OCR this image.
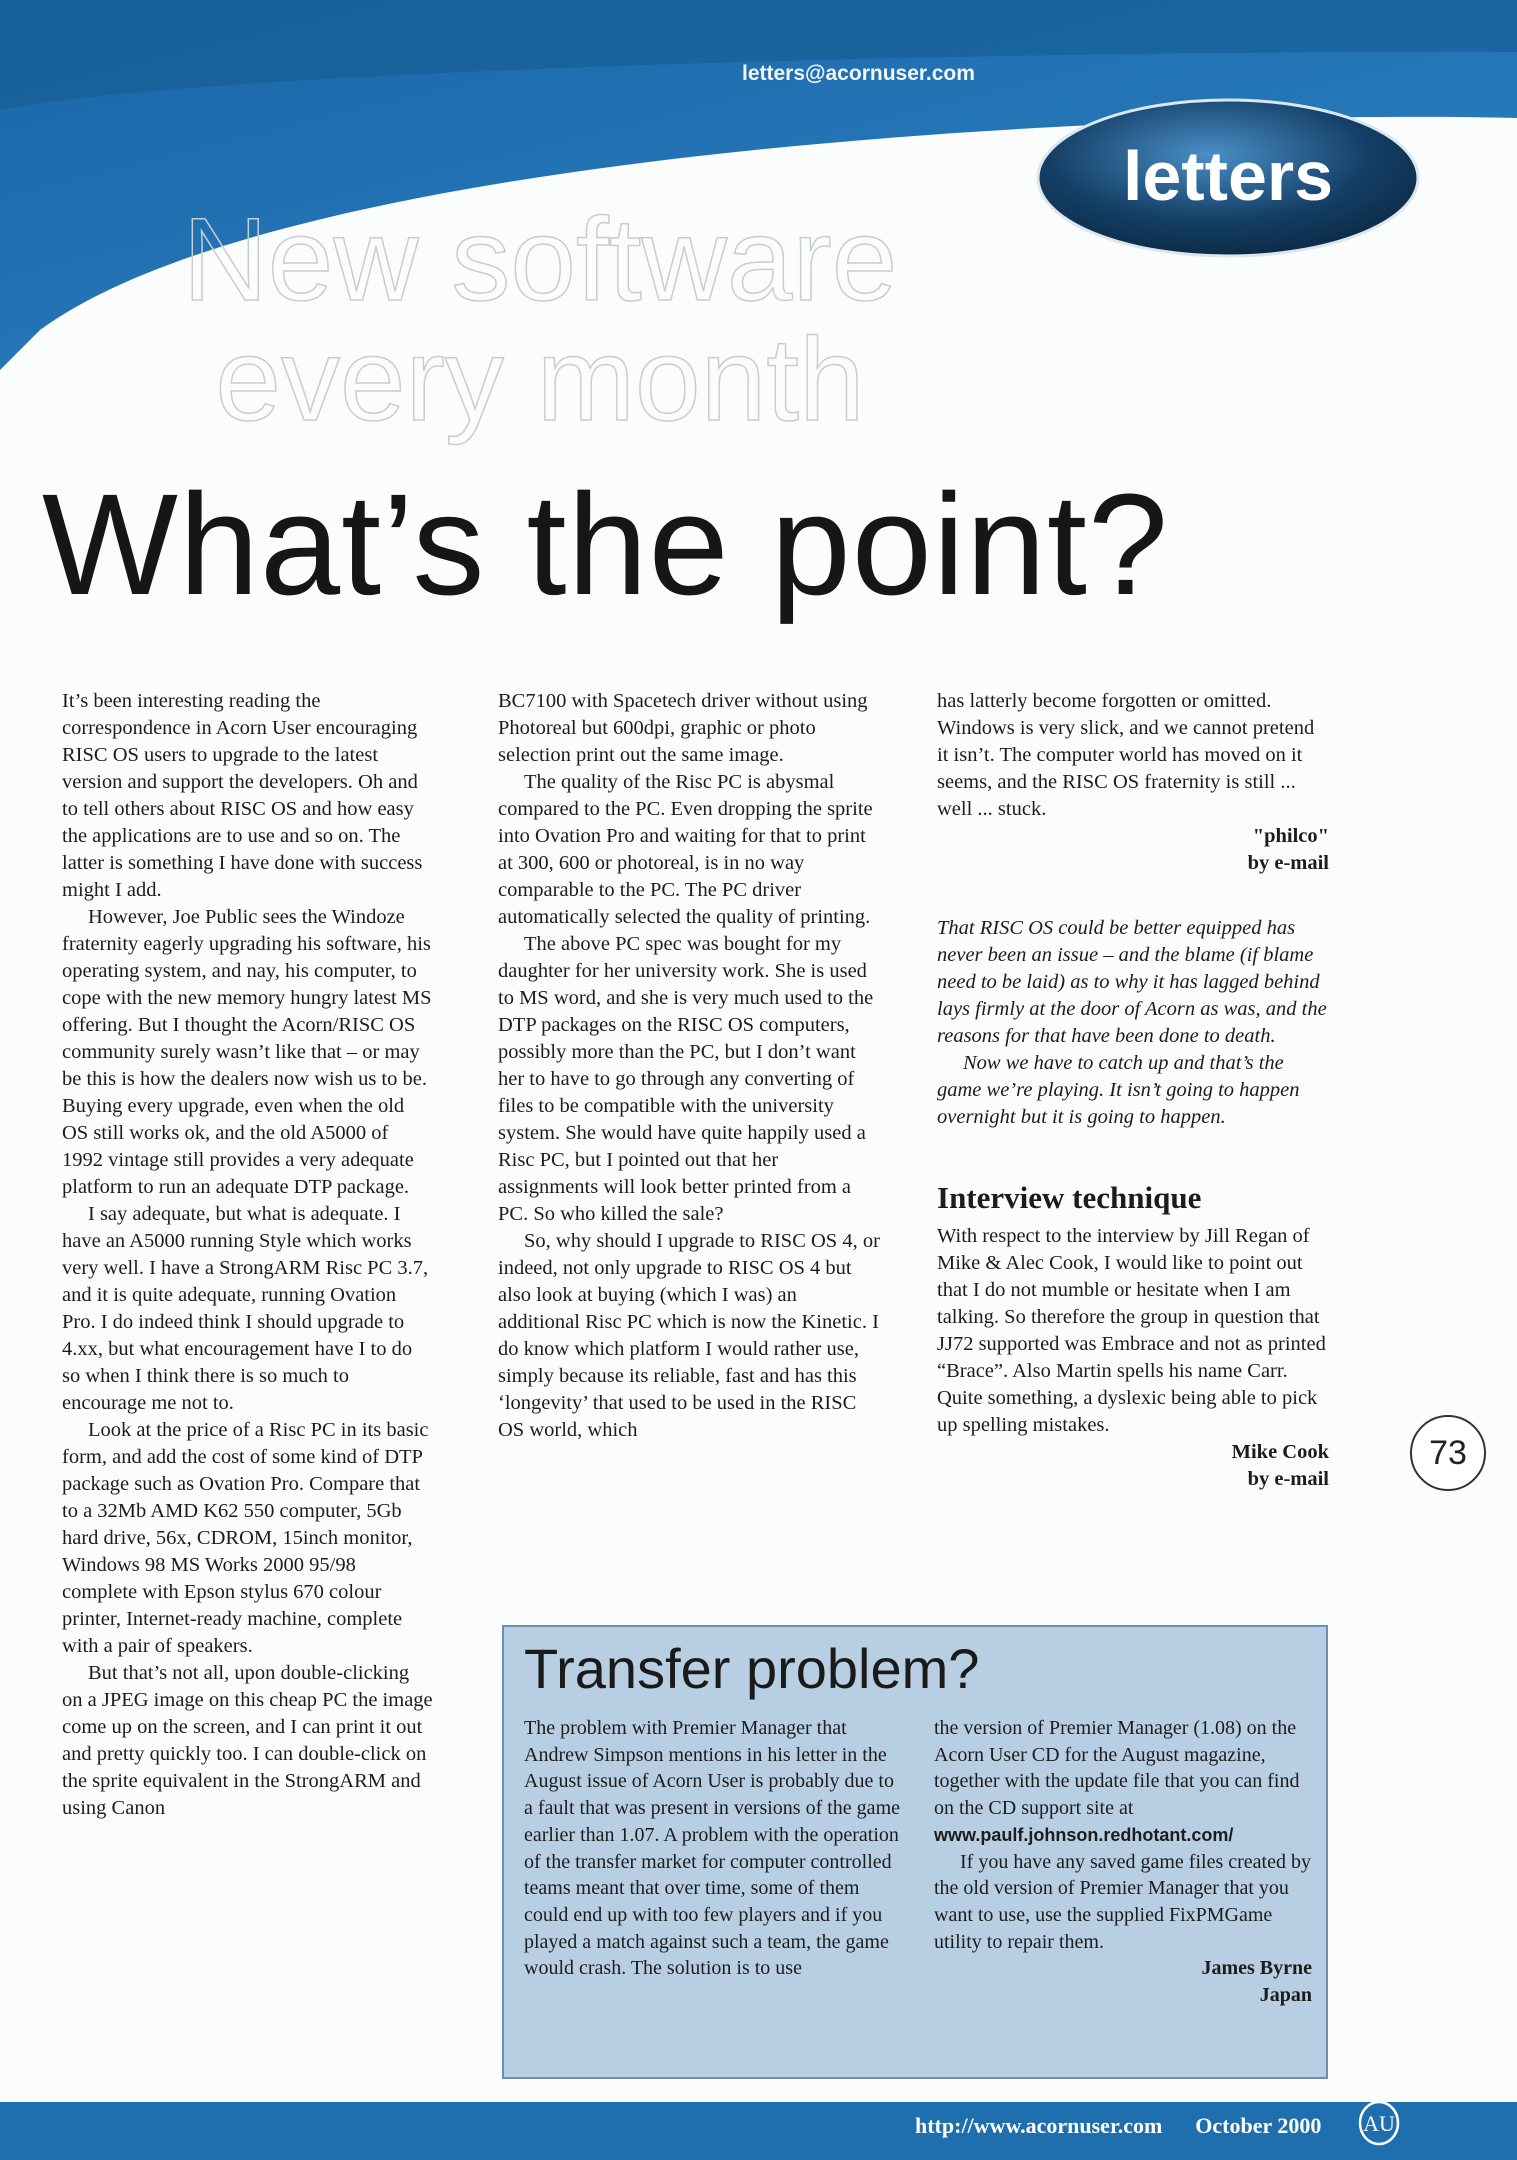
letters
letters@acornuser.com
New software
every month
What’s the point?

It’s been interesting reading the correspondence in Acorn User encouraging RISC OS users to upgrade to the latest version and support the developers. Oh and to tell others about RISC OS and how easy the applications are to use and so on. The latter is something I have done with success might I add.

However, Joe Public sees the Windoze fraternity eagerly upgrading his software, his operating system, and nay, his computer, to cope with the new memory hungry latest MS offering. But I thought the Acorn/RISC OS community surely wasn’t like that – or may be this is how the dealers now wish us to be. Buying every upgrade, even when the old OS still works ok, and the old A5000 of 1992 vintage still provides a very adequate platform to run an adequate DTP package.

I say adequate, but what is adequate. I have an A5000 running Style which works very well. I have a StrongARM Risc PC 3.7, and it is quite adequate, running Ovation Pro. I do indeed think I should upgrade to 4.xx, but what encouragement have I to do so when I think there is so much to encourage me not to.

Look at the price of a Risc PC in its basic form, and add the cost of some kind of DTP package such as Ovation Pro. Compare that to a 32Mb AMD K62 550 computer, 5Gb hard drive, 56x, CDROM, 15inch monitor, Windows 98 MS Works 2000 95/98 complete with Epson stylus 670 colour printer, Internet-ready machine, complete with a pair of speakers.

But that’s not all, upon double-clicking on a JPEG image on this cheap PC the image come up on the screen, and I can print it out and pretty quickly too. I can double-click on the sprite equivalent in the StrongARM and using Canon

BC7100 with Spacetech driver without using Photoreal but 600dpi, graphic or photo selection print out the same image.

The quality of the Risc PC is abysmal compared to the PC. Even dropping the sprite into Ovation Pro and waiting for that to print at 300, 600 or photoreal, is in no way comparable to the PC. The PC driver automatically selected the quality of printing.

The above PC spec was bought for my daughter for her university work. She is used to MS word, and she is very much used to the DTP packages on the RISC OS computers, possibly more than the PC, but I don’t want her to have to go through any converting of files to be compatible with the university system. She would have quite happily used a Risc PC, but I pointed out that her assignments will look better printed from a PC. So who killed the sale?

So, why should I upgrade to RISC OS 4, or indeed, not only upgrade to RISC OS 4 but also look at buying (which I was) an additional Risc PC which is now the Kinetic. I do know which platform I would rather use, simply because its reliable, fast and has this ‘longevity’ that used to be used in the RISC OS world, which

has latterly become forgotten or omitted. Windows is very slick, and we cannot pretend it isn’t. The computer world has moved on it seems, and the RISC OS fraternity is still ... well ... stuck.

"philco"
by e-mail

That RISC OS could be better equipped has never been an issue – and the blame (if blame need to be laid) as to why it has lagged behind lays firmly at the door of Acorn as was, and the reasons for that have been done to death.

Now we have to catch up and that’s the game we’re playing. It isn’t going to happen overnight but it is going to happen.

Interview technique

With respect to the interview by Jill Regan of Mike & Alec Cook, I would like to point out that I do not mumble or hesitate when I am talking. So therefore the group in question that JJ72 supported was Embrace and not as printed “Brace”. Also Martin spells his name Carr. Quite something, a dyslexic being able to pick up spelling mistakes.

Mike Cook
by e-mail
73
Transfer problem?

The problem with Premier Manager that Andrew Simpson mentions in his letter in the August issue of Acorn User is probably due to a fault that was present in versions of the game earlier than 1.07. A problem with the operation of the transfer market for computer controlled teams meant that over time, some of them could end up with too few players and if you played a match against such a team, the game would crash. The solution is to use

the version of Premier Manager (1.08) on the Acorn User CD for the August magazine, together with the update file that you can find on the CD support site at www.paulf.johnson.redhotant.com/

If you have any saved game files created by the old version of Premier Manager that you want to use, use the supplied FixPMGame utility to repair them.

James Byrne
Japan
http://www.acornuser.com October 2000 AU
